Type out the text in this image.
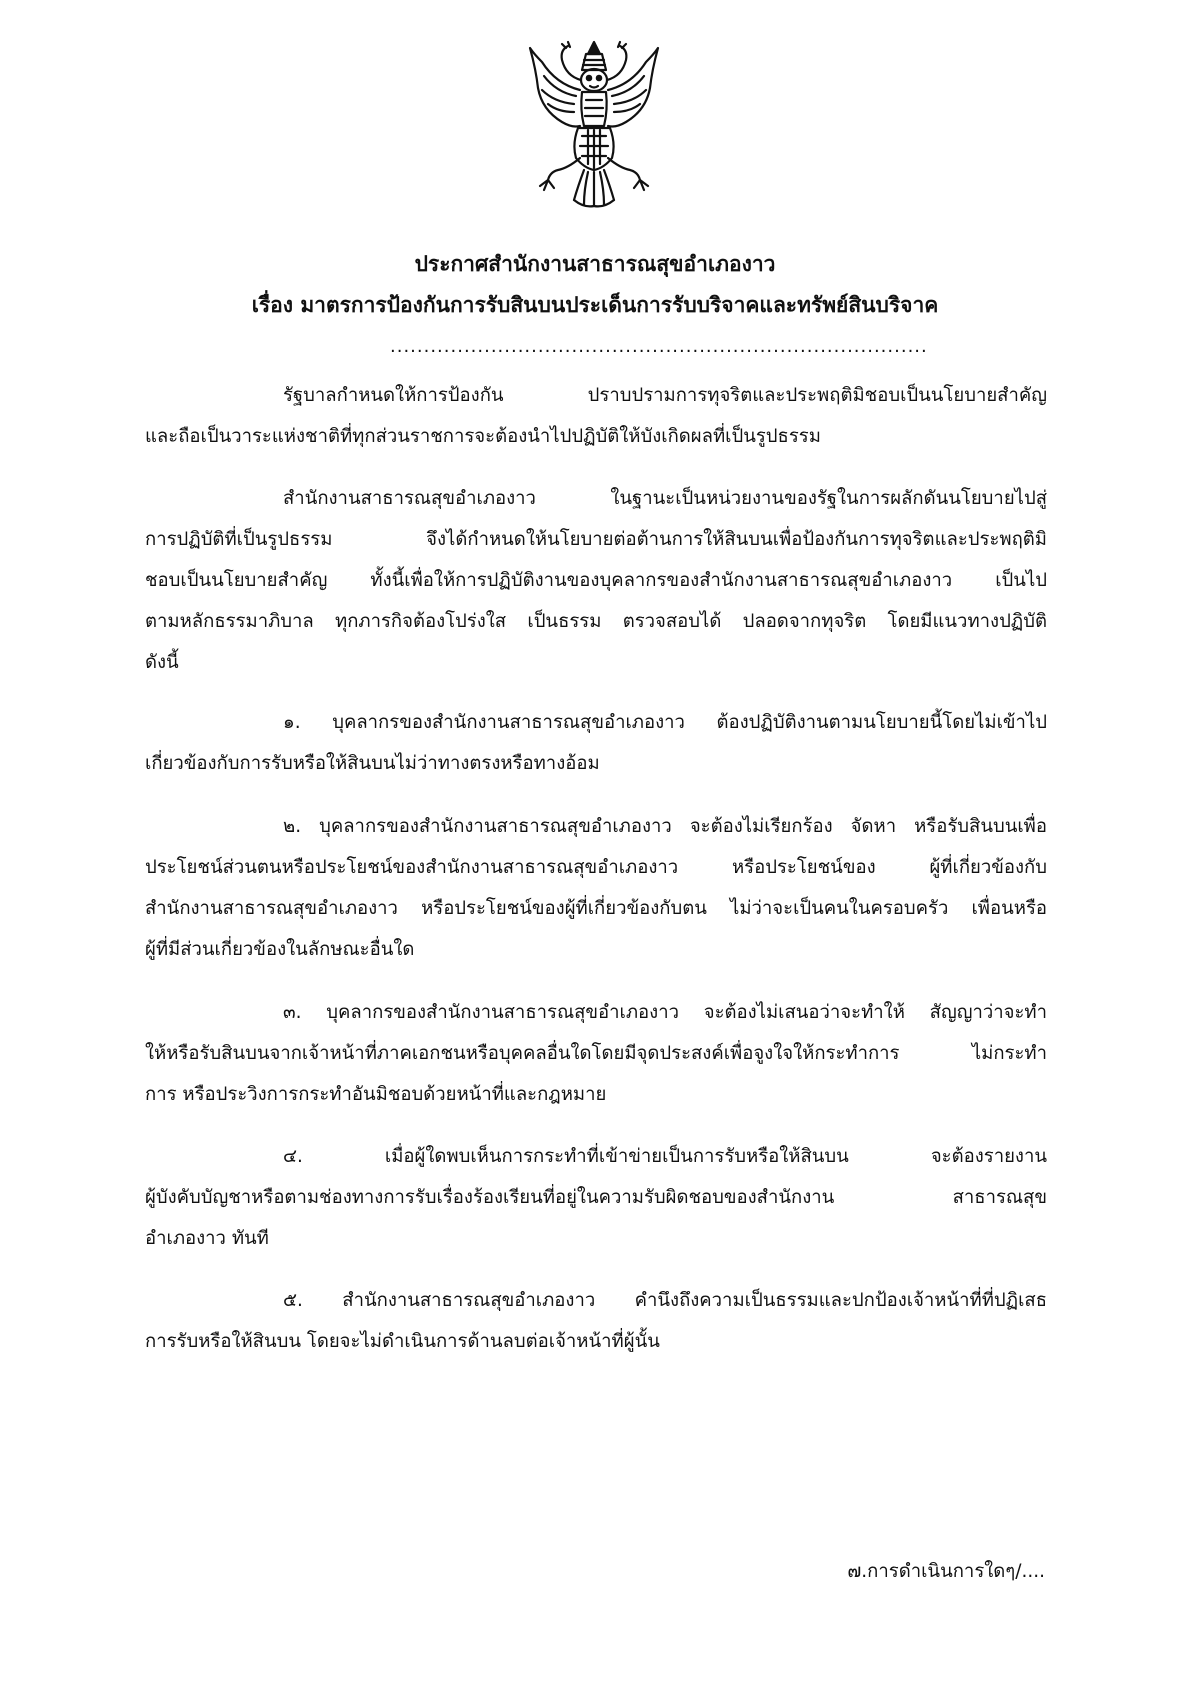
ประกาศสำนักงานสาธารณสุขอำเภองาว
เรื่อง มาตรการป้องกันการรับสินบนประเด็นการรับบริจาคและทรัพย์สินบริจาค
................................................................................
รัฐบาลกำหนดให้การป้องกัน ปราบปรามการทุจริตและประพฤติมิชอบเป็นนโยบายสำคัญ
และถือเป็นวาระแห่งชาติที่ทุกส่วนราชการจะต้องนำไปปฏิบัติให้บังเกิดผลที่เป็นรูปธรรม
สำนักงานสาธารณสุขอำเภองาว ในฐานะเป็นหน่วยงานของรัฐในการผลักดันนโยบายไปสู่
การปฏิบัติที่เป็นรูปธรรม จึงได้กำหนดให้นโยบายต่อต้านการให้สินบนเพื่อป้องกันการทุจริตและประพฤติมิ
ชอบเป็นนโยบายสำคัญ ทั้งนี้เพื่อให้การปฏิบัติงานของบุคลากรของสำนักงานสาธารณสุขอำเภองาว เป็นไป
ตามหลักธรรมาภิบาล ทุกภารกิจต้องโปร่งใส เป็นธรรม ตรวจสอบได้ ปลอดจากทุจริต โดยมีแนวทางปฏิบัติ
ดังนี้
๑. บุคลากรของสำนักงานสาธารณสุขอำเภองาว ต้องปฏิบัติงานตามนโยบายนี้โดยไม่เข้าไป
เกี่ยวข้องกับการรับหรือให้สินบนไม่ว่าทางตรงหรือทางอ้อม
๒. บุคลากรของสำนักงานสาธารณสุขอำเภองาว จะต้องไม่เรียกร้อง จัดหา หรือรับสินบนเพื่อ
ประโยชน์ส่วนตนหรือประโยชน์ของสำนักงานสาธารณสุขอำเภองาว หรือประโยชน์ของ ผู้ที่เกี่ยวข้องกับ
สำนักงานสาธารณสุขอำเภองาว หรือประโยชน์ของผู้ที่เกี่ยวข้องกับตน ไม่ว่าจะเป็นคนในครอบครัว เพื่อนหรือ
ผู้ที่มีส่วนเกี่ยวข้องในลักษณะอื่นใด
๓. บุคลากรของสำนักงานสาธารณสุขอำเภองาว จะต้องไม่เสนอว่าจะทำให้ สัญญาว่าจะทำ
ให้หรือรับสินบนจากเจ้าหน้าที่ภาคเอกชนหรือบุคคลอื่นใดโดยมีจุดประสงค์เพื่อจูงใจให้กระทำการ ไม่กระทำ
การ หรือประวิงการกระทำอันมิชอบด้วยหน้าที่และกฎหมาย
๔. เมื่อผู้ใดพบเห็นการกระทำที่เข้าข่ายเป็นการรับหรือให้สินบน จะต้องรายงาน
ผู้บังคับบัญชาหรือตามช่องทางการรับเรื่องร้องเรียนที่อยู่ในความรับผิดชอบของสำนักงาน สาธารณสุข
อำเภองาว ทันที
๕. สำนักงานสาธารณสุขอำเภองาว คำนึงถึงความเป็นธรรมและปกป้องเจ้าหน้าที่ที่ปฏิเสธ
การรับหรือให้สินบน โดยจะไม่ดำเนินการด้านลบต่อเจ้าหน้าที่ผู้นั้น
๗.การดำเนินการใดๆ/....
